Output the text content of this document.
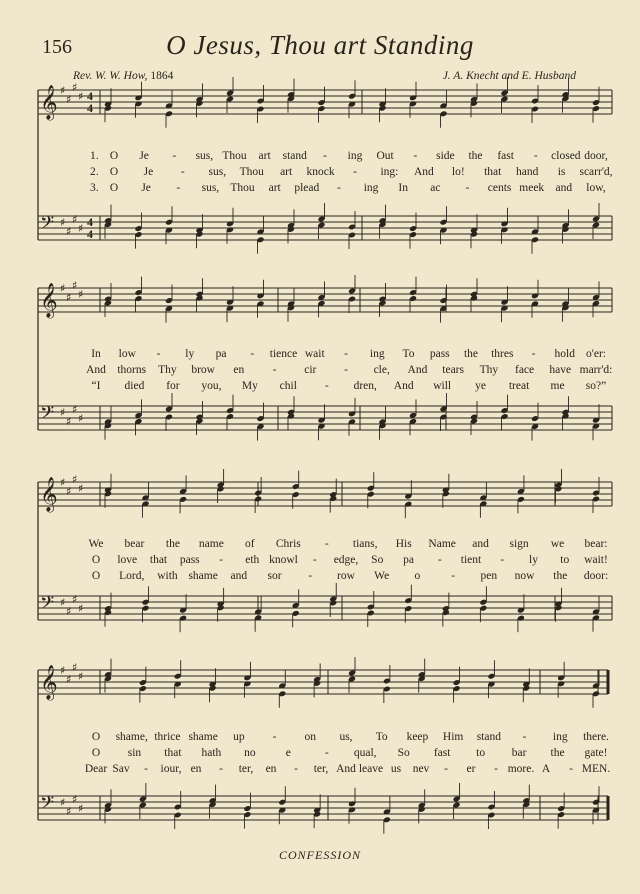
156	O Jesus, Thou art Standing
Rev. W. W. How, 1864	J. A. Knecht and E. Husband
𝄞 ♯
♯
♯
♯
𝄢 ♯
♯
♯
♯
4
4
4
4
𝄞 ♯
♯
♯
♯
𝄢 ♯
♯
♯
♯
𝄞 ♯
♯
♯
♯
𝄢 ♯
♯
♯
♯
𝄞 ♯
♯
♯
♯
𝄢 ♯
♯
♯
♯
CONFESSION
1. O Je - sus, Thou art stand - ing Out - side the fast - closed door,
2. O Je - sus, Thou art knock - ing: And lo! that hand is scarr'd,
3. O Je - sus, Thou art plead - ing In ac - cents meek and low,
In low - ly pa - tience wait - ing To pass the thres - hold o'er:
And thorns Thy brow en - cir - cle, And tears Thy face have marr'd:
“I died for you, My chil - dren, And will ye treat me so?”
We bear the name of Chris - tians, His Name and sign we bear:
O love that pass - eth knowl - edge, So pa - tient - ly to wait!
O Lord, with shame and sor - row We o	- pen now the door:
O shame, thrice shame up - on us, To keep Him stand - ing there.
O sin that hath no	e	- qual, So fast to bar the gate!
Dear Sav - iour, en - ter, en - ter, And leave us nev - er - more. A - MEN.
